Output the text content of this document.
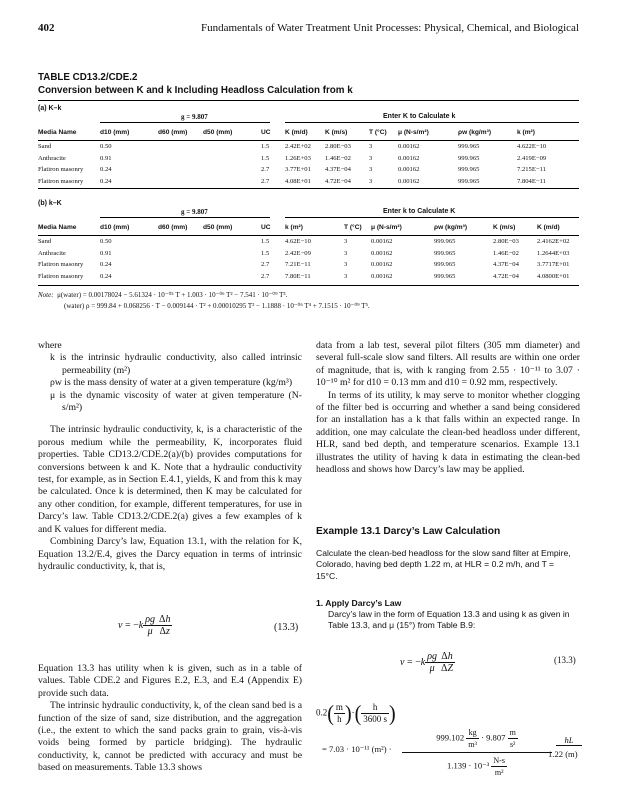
402	Fundamentals of Water Treatment Unit Processes: Physical, Chemical, and Biological
TABLE CD13.2/CDE.2
Conversion between K and k Including Headloss Calculation from k
(a) K–k
g = 9.807	Enter K to Calculate k
Media Name	d10 (mm)	d60 (mm)	d50 (mm)	UC	K (m/d)	K (m/s)	T (°C)	μ (N-s/m²)	ρw (kg/m³)	k (m²)
Sand	0.50			1.5	2.42E+02	2.80E−03	3	0.00162	999.965	4.622E−10
Anthracite	0.91			1.5	1.26E+03	1.46E−02	3	0.00162	999.965	2.419E−09
Flatiron masonry	0.24			2.7	3.77E+01	4.37E−04	3	0.00162	999.965	7.215E−11
Flatiron masonry	0.24			2.7	4.08E+01	4.72E−04	3	0.00162	999.965	7.804E−11
(b) k–K
g = 9.807	Enter k to Calculate K
Media Name	d10 (mm)	d60 (mm)	d50 (mm)	UC	k (m²)	T (°C)	μ (N-s/m²)	ρw (kg/m³)	K (m/s)	K (m/d)
Sand	0.50			1.5	4.62E−10	3	0.00162	999.965	2.80E−03	2.4162E+02
Anthracite	0.91			1.5	2.42E−09	3	0.00162	999.965	1.46E−02	1.2644E+03
Flatiron masonry	0.24			2.7	7.21E−11	3	0.00162	999.965	4.37E−04	3.7717E+01
Flatiron masonry	0.24			2.7	7.80E−11	3	0.00162	999.965	4.72E−04	4.0800E+01
Note: μ(water) = 0.00178024 − 5.61324 · 10⁻⁰⁵ T + 1.003 · 10⁻⁰⁶ T² − 7.541 · 10⁻⁰⁹ T³.
(water) ρ = 999.84 + 0.068256 · T − 0.009144 · T² + 0.00010295 T³ − 1.1888 · 10⁻⁰⁶ T⁴ + 7.1515 · 10⁻⁰⁹ T⁵.

where

k is the intrinsic hydraulic conductivity, also called intrinsic permeability (m²)

ρw is the mass density of water at a given temperature (kg/m³)

μ is the dynamic viscosity of water at given temperature (N-s/m²)

The intrinsic hydraulic conductivity, k, is a characteristic of the porous medium while the permeability, K, incorporates fluid properties. Table CD13.2/CDE.2(a)/(b) provides computations for conversions between k and K. Note that a hydraulic conductivity test, for example, as in Section E.4.1, yields, K and from this k may be calculated. Once k is determined, then K may be calculated for any other condition, for example, different temperatures, for use in Darcy’s law. Table CD13.2/CDE.2(a) gives a few examples of k and K values for different media.

Combining Darcy’s law, Equation 13.1, with the relation for K, Equation 13.2/E.4, gives the Darcy equation in terms of intrinsic hydraulic conductivity, k, that is,

$v = -k \frac{\rho g}{\mu} \frac{\Delta h}{\Delta z}$	(13.3)

Equation 13.3 has utility when k is given, such as in a table of values. Table CDE.2 and Figures E.2, E.3, and E.4 (Appendix E) provide such data.

The intrinsic hydraulic conductivity, k, of the clean sand bed is a function of the size of sand, size distribution, and the aggregation (i.e., the extent to which the sand packs grain to grain, vis-à-vis voids being formed by particle bridging). The hydraulic conductivity, k, cannot be predicted with accuracy and must be based on measurements. Table 13.3 shows

data from a lab test, several pilot filters (305 mm diameter) and several full-scale slow sand filters. All results are within one order of magnitude, that is, with k ranging from 2.55 · 10⁻¹¹ to 3.07 · 10⁻¹⁰ m² for d10 = 0.13 mm and d10 = 0.92 mm, respectively.

In terms of its utility, k may serve to monitor whether clogging of the filter bed is occurring and whether a sand being considered for an installation has a k that falls within an expected range. In addition, one may calculate the clean-bed headloss under different, HLR, sand bed depth, and temperature scenarios. Example 13.1 illustrates the utility of having k data in estimating the clean-bed headloss and shows how Darcy’s law may be applied.

Example 13.1 Darcy’s Law Calculation
Calculate the clean-bed headloss for the slow sand filter at Empire, Colorado, having bed depth 1.22 m, at HLR = 0.2 m/h, and T = 15°C.
1. Apply Darcy’s Law
Darcy’s law in the form of Equation 13.3 and using k as given in Table 13.3, and μ (15°) from Table B.9:
$v = -k \frac{\rho g}{\mu} \frac{\Delta h}{\Delta Z}$	(13.3)
$0.2( \frac{m}{h}$ )·( $\frac{h}{3600 s}$ )
= 7.03 · 10⁻¹¹ (m²) ·
$999.102 \frac{kg}{\text{m³}} \cdot 9.807 \frac{m}{\text{s²}}$
$1.139 \cdot 10^{-3} \frac{N-s}{\text{m²}}$
hL
1.22 (m)
